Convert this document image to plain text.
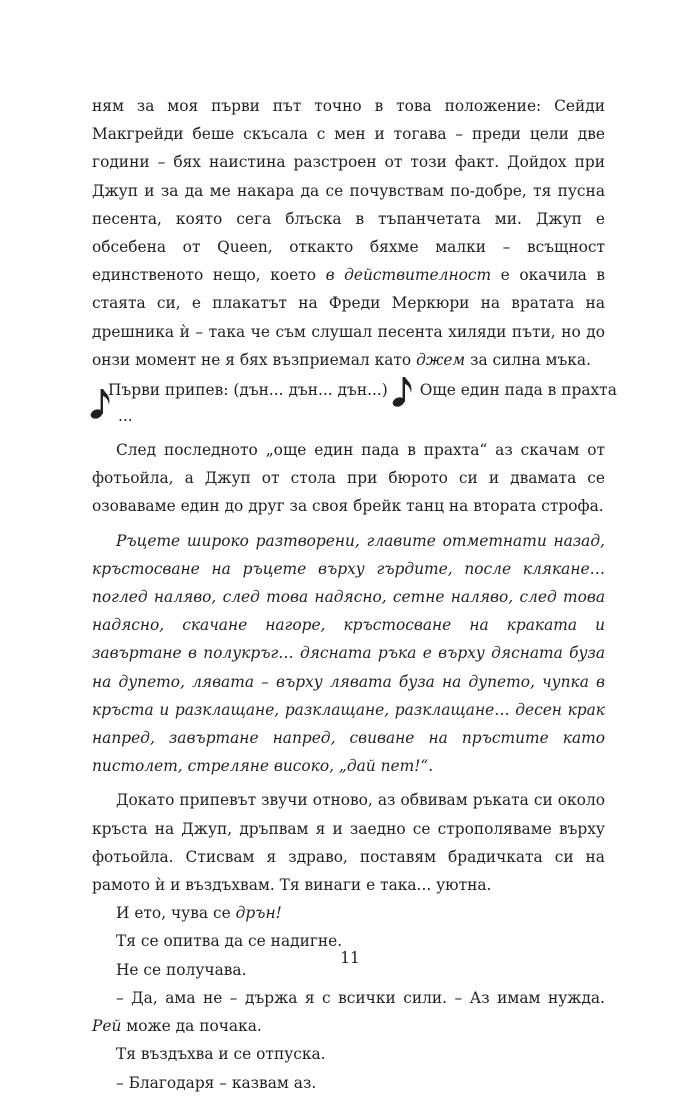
ням за моя първи път точно в това положение: Сейди Макгрейди беше скъсала с мен и тогава – преди цели две години – бях наистина разстроен от този факт. Дойдох при Джуп и за да ме накара да се почувствам по-добре, тя пусна песента, която сега блъска в тъпанчетата ми. Джуп е обсебена от Queen, откакто бяхме малки – всъщност единственото нещо, което в действителност е окачила в стаята си, е плакатът на Фреди Меркюри на вратата на дрешника ѝ – така че съм слушал песента хиляди пъти, но до онзи момент не я бях възприемал като джем за силна мъка.

Първи припев: (дън... дън... дън...) Още един пада в прахта
...

След последното „още един пада в прахта“ аз скачам от фотьойла, а Джуп от стола при бюрото си и двамата се озоваваме един до друг за своя брейк танц на втората строфа.

Ръцете широко разтворени, главите отметнати назад, кръстосване на ръцете върху гърдите, после клякане… поглед наляво, след това надясно, сетне наляво, след това надясно, скачане нагоре, кръстосване на краката и завъртане в полукръг… дясната ръка е върху дясната буза на дупето, лявата – върху лявата буза на дупето, чупка в кръста и разклащане, разклащане, разклащане… десен крак напред, завъртане напред, свиване на пръстите като пистолет, стреляне високо, „дай пет!“.

Докато припевът звучи отново, аз обвивам ръката си около кръста на Джуп, дръпвам я и заедно се строполяваме върху фотьойла. Стисвам я здраво, поставям брадичката си на рамото ѝ и въздъхвам. Тя винаги е така... уютна.

И ето, чува се дрън!

Тя се опитва да се надигне.

Не се получава.

– Да, ама не – държа я с всички сили. – Аз имам нужда. Рей може да почака.

Тя въздъхва и се отпуска.

– Благодаря – казвам аз.

11
